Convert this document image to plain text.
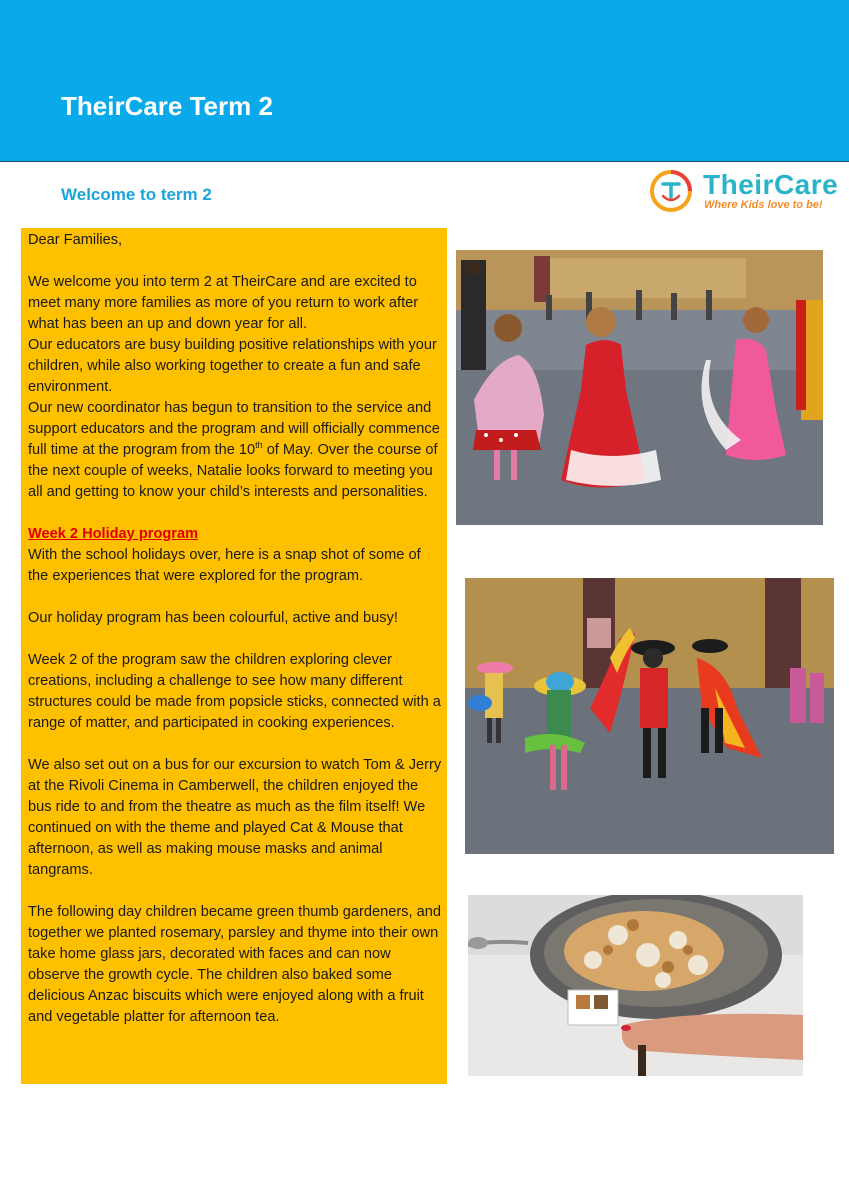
TheirCare Term 2
Welcome to term 2	TheirCare
Where Kids love to be!

Dear Families,

We welcome you into term 2 at TheirCare and are excited to meet many more families as more of you return to work after what has been an up and down year for all.

Our educators are busy building positive relationships with your children, while also working together to create a fun and safe environment.

Our new coordinator has begun to transition to the service and support educators and the program and will officially commence full time at the program from the 10th of May. Over the course of the next couple of weeks, Natalie looks forward to meeting you all and getting to know your child’s interests and personalities.

Week 2 Holiday program

With the school holidays over, here is a snap shot of some of the experiences that were explored for the program.

Our holiday program has been colourful, active and busy!

Week 2 of the program saw the children exploring clever creations, including a challenge to see how many different structures could be made from popsicle sticks, connected with a range of matter, and participated in cooking experiences.

We also set out on a bus for our excursion to watch Tom & Jerry at the Rivoli Cinema in Camberwell, the children enjoyed the bus ride to and from the theatre as much as the film itself! We continued on with the theme and played Cat & Mouse that afternoon, as well as making mouse masks and animal tangrams.

The following day children became green thumb gardeners, and together we planted rosemary, parsley and thyme into their own take home glass jars, decorated with faces and can now observe the growth cycle. The children also baked some delicious Anzac biscuits which were enjoyed along with a fruit and vegetable platter for afternoon tea.
